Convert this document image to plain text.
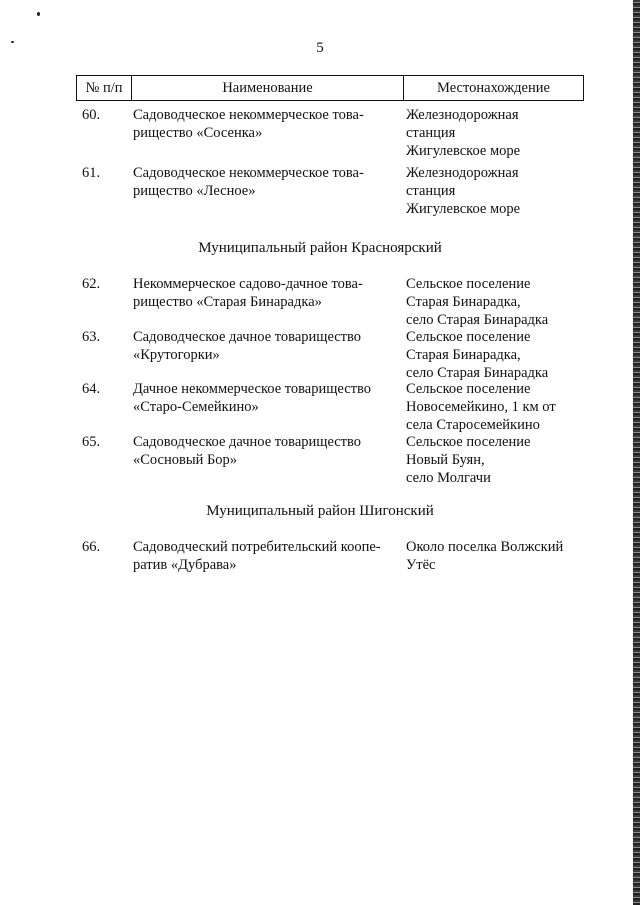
5
№ п/п	Наименование	Местонахождение
60. Садоводческое некоммерческое това-
рищество «Сосенка»
Железнодорожная
станция
Жигулевское море
61. Садоводческое некоммерческое това-
рищество «Лесное»
Железнодорожная
станция
Жигулевское море
Муниципальный район Красноярский
62. Некоммерческое садово-дачное това-
рищество «Старая Бинарадка»
Сельское поселение
Старая Бинарадка,
село Старая Бинарадка
63. Садоводческое дачное товарищество
«Крутогорки»
Сельское поселение
Старая Бинарадка,
село Старая Бинарадка
64. Дачное некоммерческое товарищество
«Старо-Семейкино»
Сельское поселение
Новосемейкино, 1 км от
села Старосемейкино
65. Садоводческое дачное товарищество
«Сосновый Бор»
Сельское поселение
Новый Буян,
село Молгачи
Муниципальный район Шигонский
66. Садоводческий потребительский коопе-
ратив «Дубрава»
Около поселка Волжский
Утёс
